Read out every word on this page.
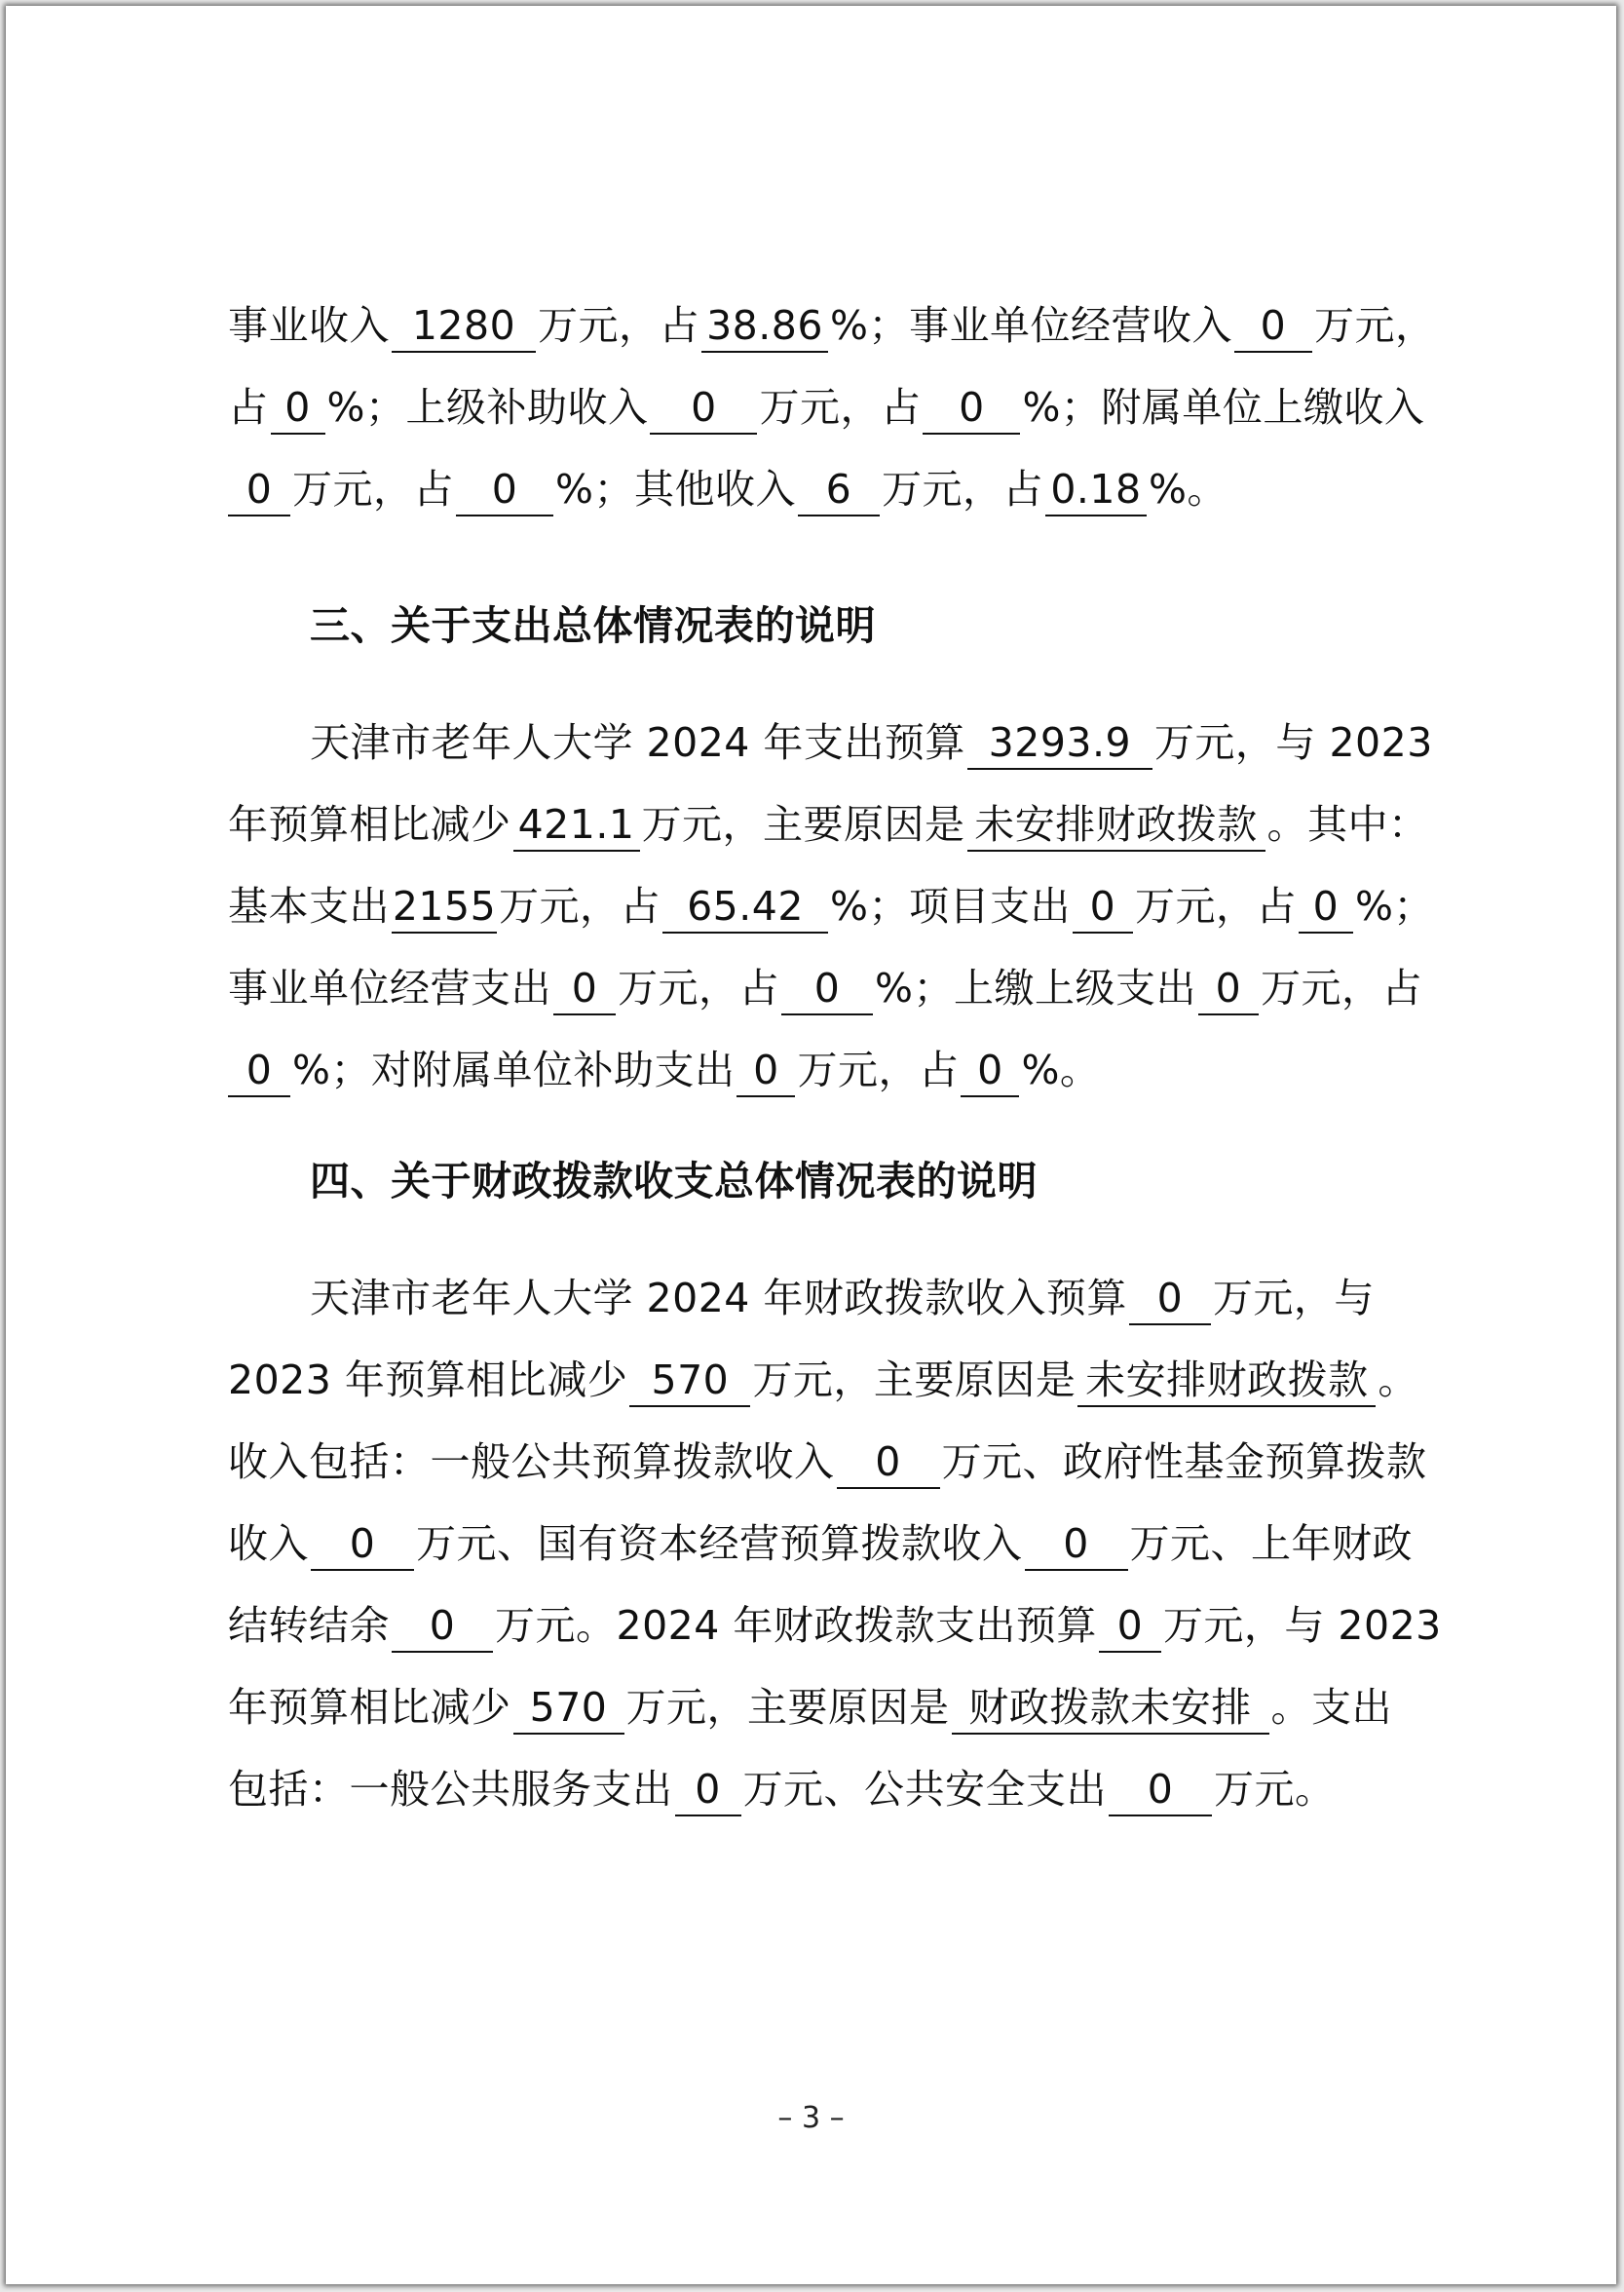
事业收入 1280 万元，占 38.86 %；事业单位经营收入 0 万元，
占 0 %；上级补助收入 0 万元，占 0 %；附属单位上缴收入
0 万元，占 0 %；其他收入 6 万元，占 0.18 %。
三、关于支出总体情况表的说明
天津市老年人大学 2024 年支出预算 3293.9 万元，与 2023
年预算相比减少 421.1 万元，主要原因是 未安排财政拨款 。其中：
基本支出2155万元，占 65.42 %；项目支出 0 万元，占 0 %；
事业单位经营支出 0 万元，占 0 %；上缴上级支出 0 万元，占
0 %；对附属单位补助支出 0 万元，占 0 %。
四、关于财政拨款收支总体情况表的说明
天津市老年人大学 2024 年财政拨款收入预算 0 万元，与
2023 年预算相比减少 570 万元，主要原因是 未安排财政拨款 。
收入包括：一般公共预算拨款收入 0 万元、政府性基金预算拨款
收入 0 万元、国有资本经营预算拨款收入 0 万元、上年财政
结转结余 0 万元。2024 年财政拨款支出预算 0 万元，与 2023
年预算相比减少 570 万元，主要原因是 财政拨款未安排 。支出
包括：一般公共服务支出 0 万元、公共安全支出 0 万元。
– 3 –
